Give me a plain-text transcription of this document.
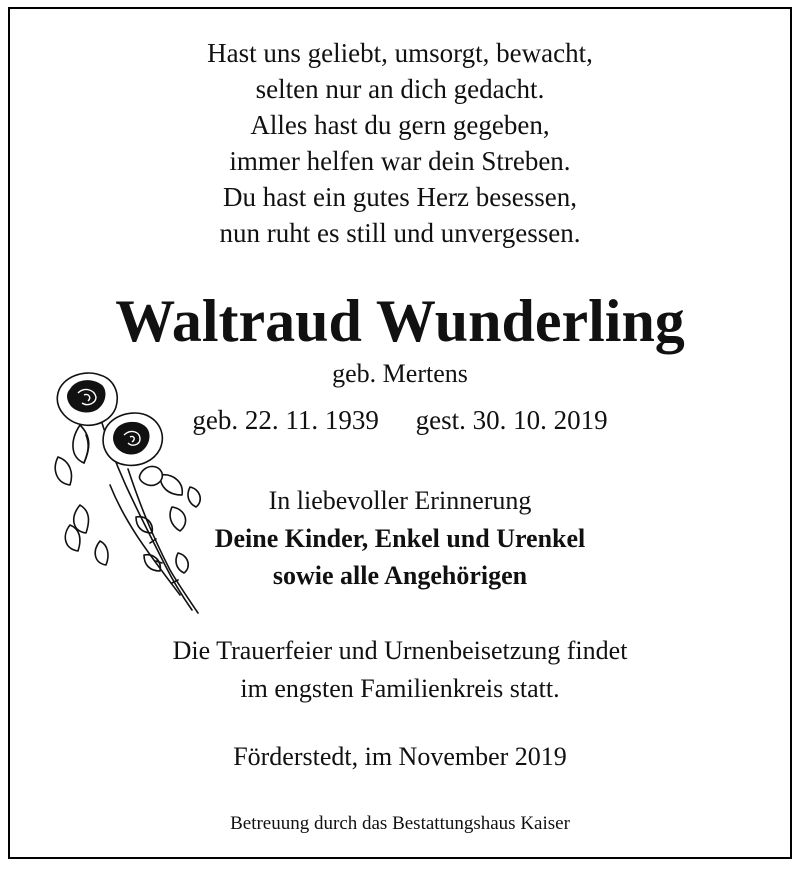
Hast uns geliebt, umsorgt, bewacht,
selten nur an dich gedacht.
Alles hast du gern gegeben,
immer helfen war dein Streben.
Du hast ein gutes Herz besessen,
nun ruht es still und unvergessen.
Waltraud Wunderling
geb. Mertens
geb. 22. 11. 1939 gest. 30. 10. 2019
In liebevoller Erinnerung
Deine Kinder, Enkel und Urenkel
sowie alle Angehörigen
Die Trauerfeier und Urnenbeisetzung findet
im engsten Familienkreis statt.
Förderstedt, im November 2019
Betreuung durch das Bestattungshaus Kaiser
